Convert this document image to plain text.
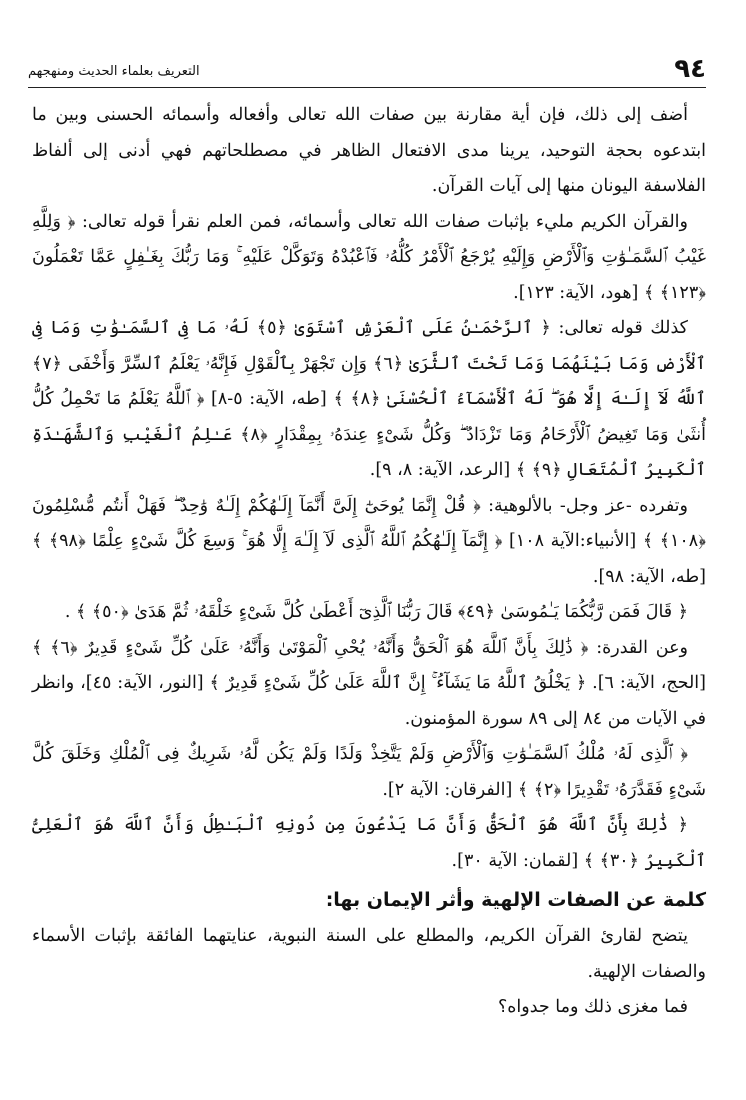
٩٤
التعريف بعلماء الحديث ومنهجهم

أضف إلى ذلك، فإن أية مقارنة بين صفات الله تعالى وأفعاله وأسمائه الحسنى وبين ما ابتدعوه بحجة التوحيد، يرينا مدى الافتعال الظاهر في مصطلحاتهم فهي أدنى إلى ألفاظ الفلاسفة اليونان منها إلى آيات القرآن.

والقرآن الكريم مليء بإثبات صفات الله تعالى وأسمائه، فمن العلم نقرأ قوله تعالى: ﴿ وَلِلَّهِ غَيْبُ ٱلسَّمَـٰوَٰتِ وَٱلْأَرْضِ وَإِلَيْهِ يُرْجَعُ ٱلْأَمْرُ كُلُّهُۥ فَٱعْبُدْهُ وَتَوَكَّلْ عَلَيْهِ ۚ وَمَا رَبُّكَ بِغَـٰفِلٍ عَمَّا تَعْمَلُونَ ﴿١٢٣﴾ ﴾ [هود، الآية: ١٢٣].

كذلك قوله تعالى: ﴿ ٱلرَّحْمَـٰنُ عَلَى ٱلْعَرْشِ ٱسْتَوَىٰ ﴿٥﴾ لَهُۥ مَا فِى ٱلسَّمَـٰوَٰتِ وَمَا فِى ٱلْأَرْضِ وَمَا بَيْنَهُمَا وَمَا تَحْتَ ٱلثَّرَىٰ ﴿٦﴾ وَإِن تَجْهَرْ بِٱلْقَوْلِ فَإِنَّهُۥ يَعْلَمُ ٱلسِّرَّ وَأَخْفَى ﴿٧﴾ ٱللَّهُ لَآ إِلَـٰهَ إِلَّا هُوَ ۖ لَهُ ٱلْأَسْمَآءُ ٱلْحُسْنَىٰ ﴿٨﴾ ﴾ [طه، الآية: ٥-٨] ﴿ ٱللَّهُ يَعْلَمُ مَا تَحْمِلُ كُلُّ أُنثَىٰ وَمَا تَغِيضُ ٱلْأَرْحَامُ وَمَا تَزْدَادُ ۖ وَكُلُّ شَىْءٍ عِندَهُۥ بِمِقْدَارٍ ﴿٨﴾ عَـٰلِمُ ٱلْغَيْبِ وَٱلشَّهَـٰدَةِ ٱلْكَبِيرُ ٱلْمُتَعَالِ ﴿٩﴾ ﴾ [الرعد، الآية: ٨، ٩].

وتفرده -عز وجل- بالألوهية: ﴿ قُلْ إِنَّمَا يُوحَىٰٓ إِلَىَّ أَنَّمَآ إِلَـٰهُكُمْ إِلَـٰهٌ وَٰحِدٌ ۖ فَهَلْ أَنتُم مُّسْلِمُونَ ﴿١٠٨﴾ ﴾ [الأنبياء:الآية ١٠٨] ﴿ إِنَّمَآ إِلَـٰهُكُمُ ٱللَّهُ ٱلَّذِى لَآ إِلَـٰهَ إِلَّا هُوَ ۚ وَسِعَ كُلَّ شَىْءٍ عِلْمًا ﴿٩٨﴾ ﴾ [طه، الآية: ٩٨].

﴿ قَالَ فَمَن رَّبُّكُمَا يَـٰمُوسَىٰ ﴿٤٩﴾ قَالَ رَبُّنَا ٱلَّذِىٓ أَعْطَىٰ كُلَّ شَىْءٍ خَلْقَهُۥ ثُمَّ هَدَىٰ ﴿٥٠﴾ ﴾ .

وعن القدرة: ﴿ ذَٰلِكَ بِأَنَّ ٱللَّهَ هُوَ ٱلْحَقُّ وَأَنَّهُۥ يُحْىِ ٱلْمَوْتَىٰ وَأَنَّهُۥ عَلَىٰ كُلِّ شَىْءٍ قَدِيرٌ ﴿٦﴾ ﴾ [الحج، الآية: ٦]. ﴿ يَخْلُقُ ٱللَّهُ مَا يَشَآءُ ۚ إِنَّ ٱللَّهَ عَلَىٰ كُلِّ شَىْءٍ قَدِيرٌ ﴾ [النور، الآية: ٤٥]، وانظر في الآيات من ٨٤ إلى ٨٩ سورة المؤمنون.

﴿ ٱلَّذِى لَهُۥ مُلْكُ ٱلسَّمَـٰوَٰتِ وَٱلْأَرْضِ وَلَمْ يَتَّخِذْ وَلَدًا وَلَمْ يَكُن لَّهُۥ شَرِيكٌ فِى ٱلْمُلْكِ وَخَلَقَ كُلَّ شَىْءٍ فَقَدَّرَهُۥ تَقْدِيرًا ﴿٢﴾ ﴾ [الفرقان: الآية ٢].

﴿ ذَٰلِكَ بِأَنَّ ٱللَّهَ هُوَ ٱلْحَقُّ وَأَنَّ مَا يَدْعُونَ مِن دُونِهِ ٱلْبَـٰطِلُ وَأَنَّ ٱللَّهَ هُوَ ٱلْعَلِىُّ ٱلْكَبِيرُ ﴿٣٠﴾ ﴾ [لقمان: الآية ٣٠].

كلمة عن الصفات الإلهية وأثر الإيمان بها:

يتضح لقارئ القرآن الكريم، والمطلع على السنة النبوية، عنايتهما الفائقة بإثبات الأسماء والصفات الإلهية.

فما مغزى ذلك وما جدواه؟
